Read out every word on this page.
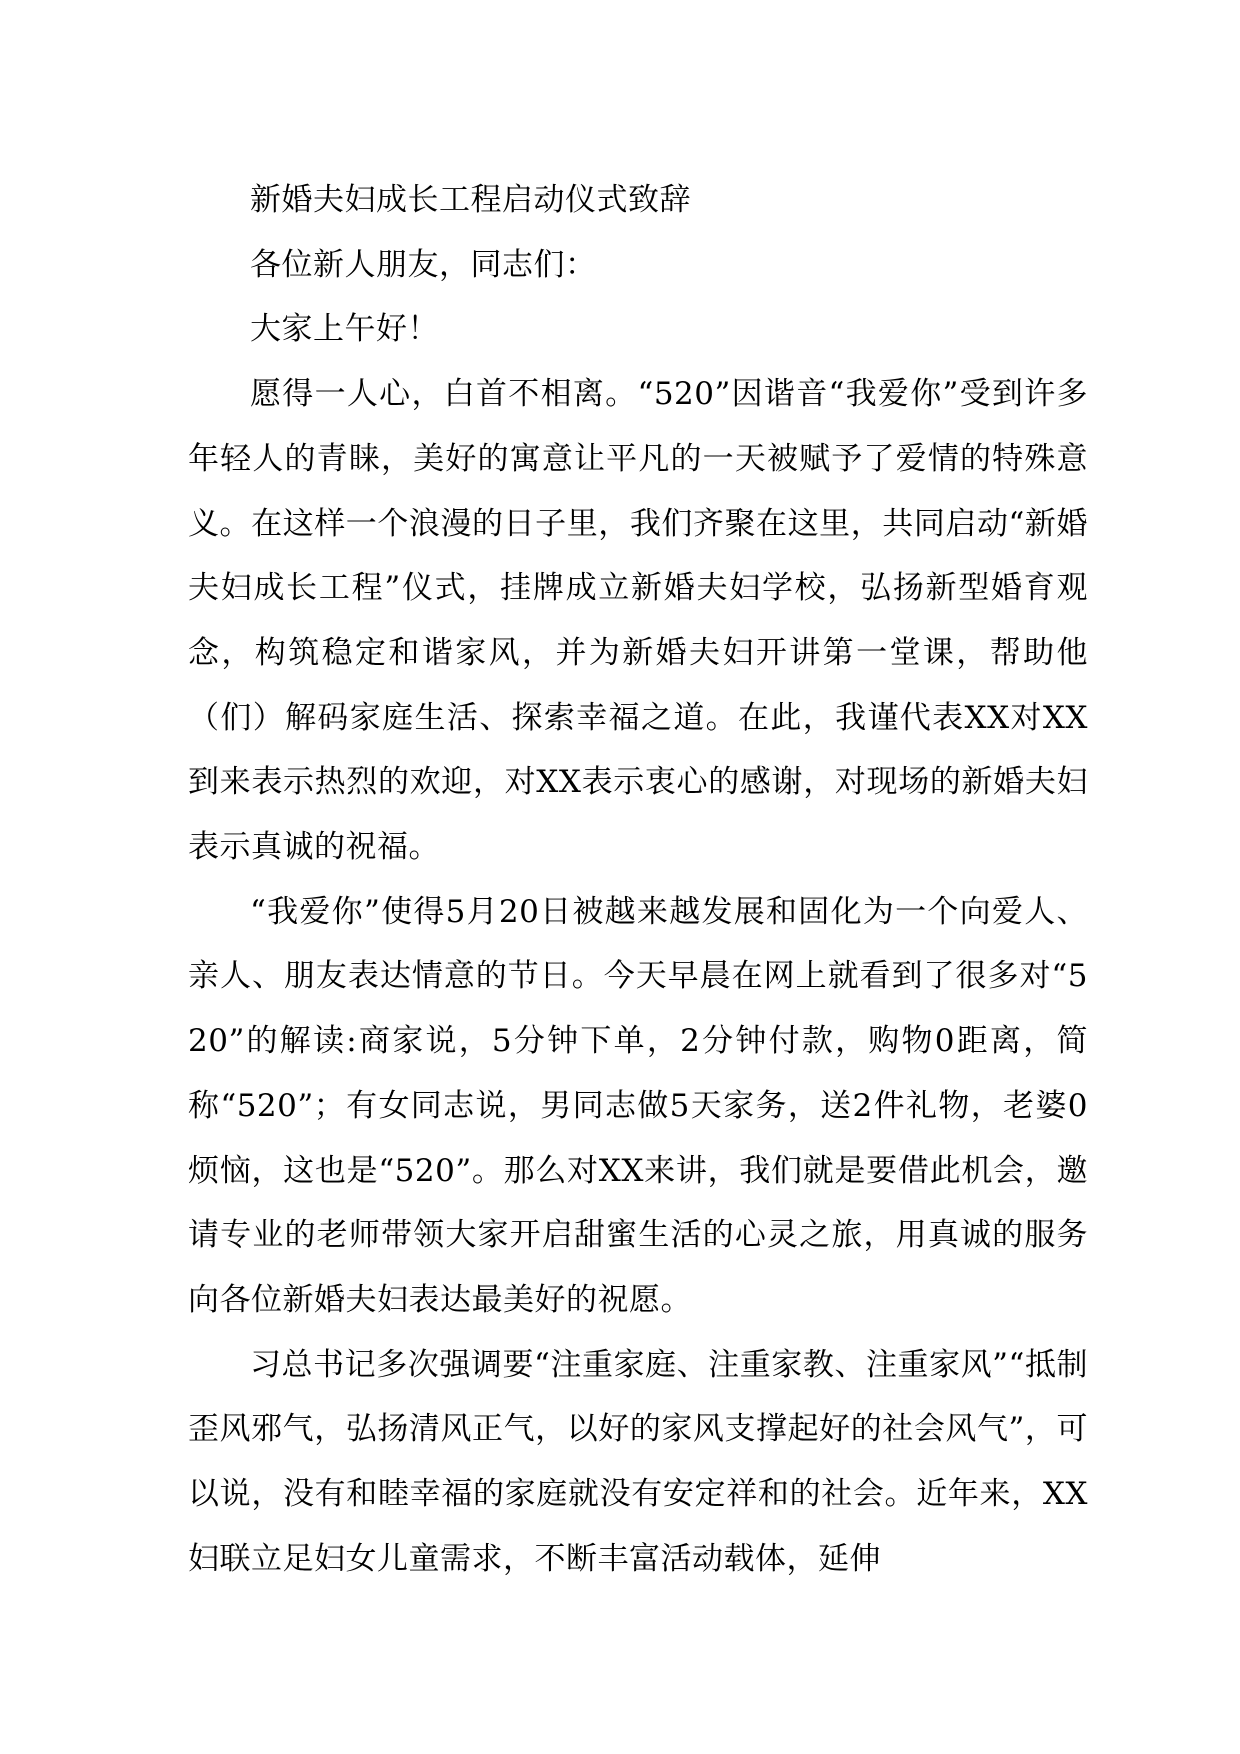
新婚夫妇成长工程启动仪式致辞

各位新人朋友，同志们：

大家上午好！

愿得一人心，白首不相离。“520”因谐音“我爱你”受到许多年轻人的青睐，美好的寓意让平凡的一天被赋予了爱情的特殊意义。在这样一个浪漫的日子里，我们齐聚在这里，共同启动“新婚夫妇成长工程”仪式，挂牌成立新婚夫妇学校，弘扬新型婚育观念，构筑稳定和谐家风，并为新婚夫妇开讲第一堂课，帮助他（们）解码家庭生活、探索幸福之道。在此，我谨代表XX对XX到来表示热烈的欢迎，对XX表示衷心的感谢，对现场的新婚夫妇表示真诚的祝福。

“我爱你”使得5月20日被越来越发展和固化为一个向爱人、亲人、朋友表达情意的节日。今天早晨在网上就看到了很多对“520”的解读:商家说，5分钟下单，2分钟付款，购物0距离，简称“520”；有女同志说，男同志做5天家务，送2件礼物，老婆0烦恼，这也是“520”。那么对XX来讲，我们就是要借此机会，邀请专业的老师带领大家开启甜蜜生活的心灵之旅，用真诚的服务向各位新婚夫妇表达最美好的祝愿。

习总书记多次强调要“注重家庭、注重家教、注重家风”“抵制歪风邪气，弘扬清风正气，以好的家风支撑起好的社会风气”，可以说，没有和睦幸福的家庭就没有安定祥和的社会。近年来，XX妇联立足妇女儿童需求，不断丰富活动载体，延伸
